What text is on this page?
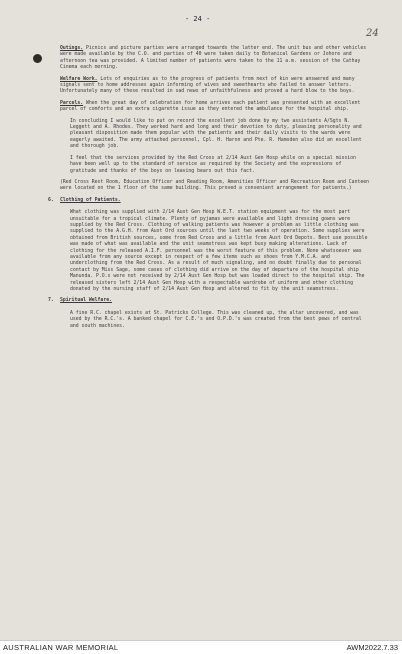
- 24 -
24

Outings. Picnics and picture parties were arranged towards the latter end. The unit bus and other vehicles were made available by the C.O. and parties of 40 were taken daily to Botanical Gardens or Johore and afternoon tea was provided. A limited number of patients were taken to the 11 a.m. session of the Cathay Cinema each morning.

Welfare Work. Lots of enquiries as to the progress of patients from next of kin were answered and many signals sent to home addresses again informing of wives and sweethearts who failed to answer letters. Unfortunately many of these resulted in sad news of unfaithfulness and proved a hard blow to the boys.

Parcels. When the great day of celebration for home arrives each patient was presented with an excellent parcel of comforts and an extra cigarette issue as they entered the ambulance for the hospital ship.

In concluding I would like to put on record the excellent job done by my two assistants A/Sgts N. Leggett and A. Rhodes. They worked hard and long and their devotion to duty, pleasing personality and pleasant disposition made them popular with the patients and their daily visits to the wards were eagerly awaited. The army attached personnel, Cpl. H. Haron and Pte. R. Hamsden also did an excellent and thorough job.

I feel that the services provided by the Red Cross at 2/14 Aust Gen Hosp while on a special mission have been well up to the standard of service as required by the Society and the expressions of gratitude and thanks of the boys on leaving bears out this fact.

(Red Cross Rest Room, Education Officer and Reading Room, Amenities Officer and Recreation Room and Canteen were located on the 1 floor of the same building. This proved a convenient arrangement for patients.)

6.	Clothing of Patients.

What clothing was supplied with 2/14 Aust Gen Hosp W.E.T. station equipment was for the most part unsuitable for a tropical climate. Plenty of pyjamas were available and light dressing gowns were supplied by the Red Cross. Clothing of walking patients was however a problem as little clothing was supplied to the A.G.H. from Aust Ord sources until the last two weeks of operation. Some supplies were obtained from British sources, some from Red Cross and a little from Aust Ord Depots. Best use possible was made of what was available and the unit seamstress was kept busy making alterations. Lack of clothing for the released A.I.F. personnel was the worst feature of this problem. None whatsoever was available from any source except in respect of a few items such as shoes from Y.M.C.A. and underclothing from the Red Cross. As a result of much signaling, and no doubt finally due to personal contact by Miss Sage, some cases of clothing did arrive on the day of departure of the hospital ship Manunda. P.O.s were not received by 2/14 Aust Gen Hosp but was loaded direct to the hospital ship. The released sisters left 2/14 Aust Gen Hosp with a respectable wardrobe of uniform and other clothing donated by the nursing staff of 2/14 Aust Gen Hosp and altered to fit by the unit seamstress.

7.	Spiritual Welfare.

A fine R.C. chapel exists at St. Patricks College. This was cleaned up, the altar uncovered, and was used by the R.C.'s. A banked chapel for C.E.'s and O.P.D.'s was created from the best pews of central and south machines.

AUSTRALIAN WAR MEMORIAL	AWM2022.7.33
